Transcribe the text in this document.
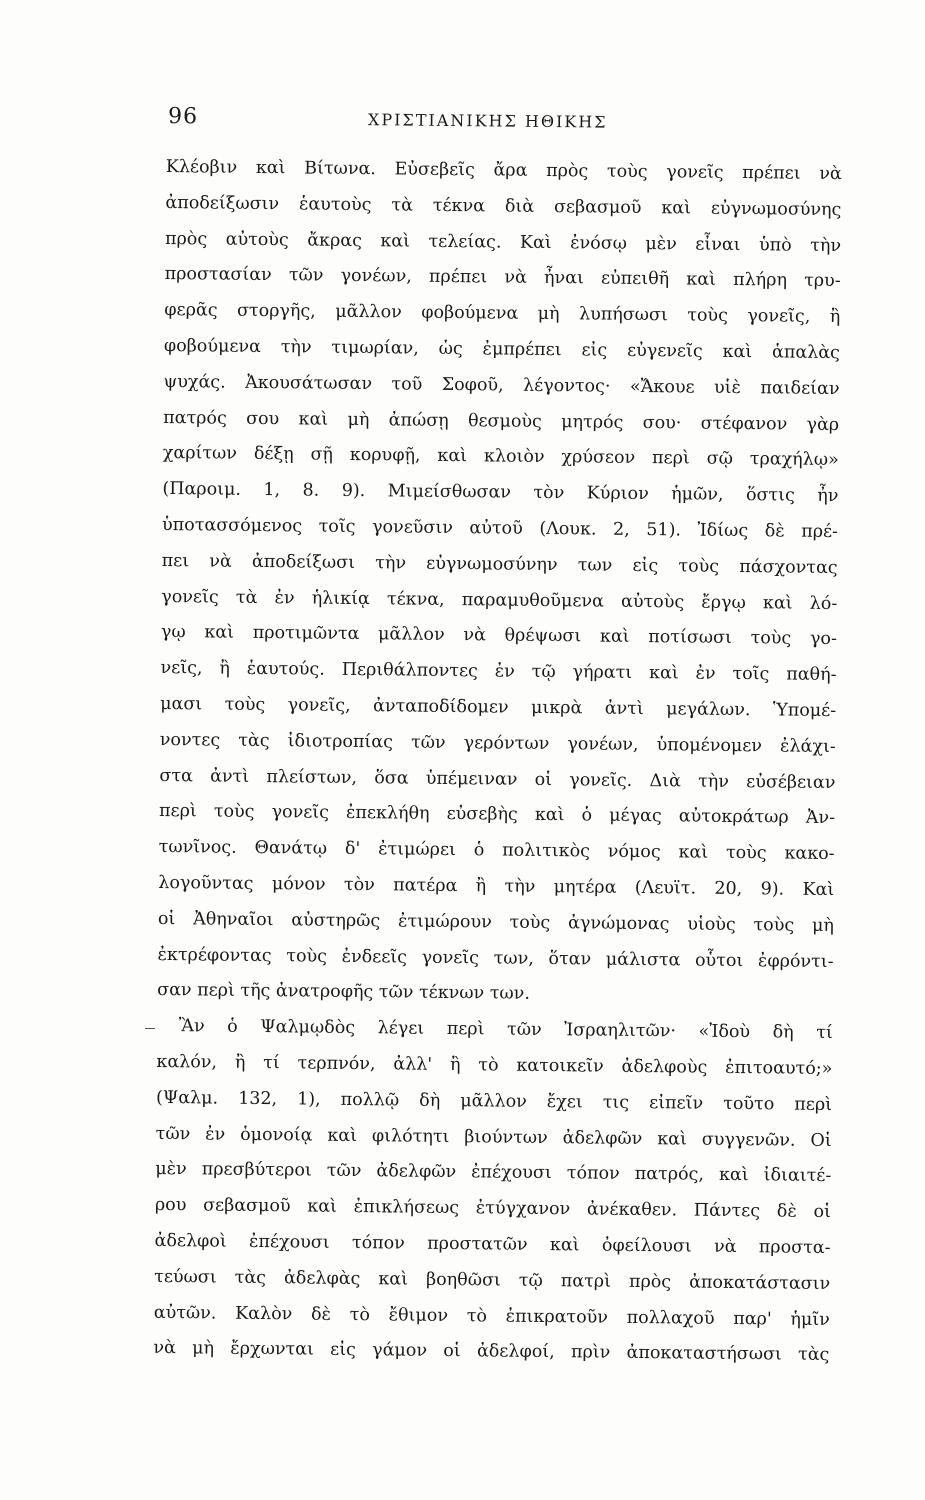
96	ΧΡΙΣΤΙΑΝΙΚΗΣ ΗΘΙΚΗΣ
Κλέοβιν καὶ Βίτωνα. Εὐσεβεῖς ἄρα πρὸς τοὺς γονεῖς πρέπει νὰ
ἀποδείξωσιν ἑαυτοὺς τὰ τέκνα διὰ σεβασμοῦ καὶ εὐγνωμοσύνης
πρὸς αὐτοὺς ἄκρας καὶ τελείας. Καὶ ἐνόσῳ μὲν εἶναι ὑπὸ τὴν
προστασίαν τῶν γονέων, πρέπει νὰ ἦναι εὐπειθῆ καὶ πλήρη τρυ-
φερᾶς στοργῆς, μᾶλλον φοβούμενα μὴ λυπήσωσι τοὺς γονεῖς, ἢ
φοβούμενα τὴν τιμωρίαν, ὡς ἐμπρέπει εἰς εὐγενεῖς καὶ ἁπαλὰς
ψυχάς. Ἀκουσάτωσαν τοῦ Σοφοῦ, λέγοντος· «Ἄκουε υἱὲ παιδείαν
πατρός σου καὶ μὴ ἀπώσῃ θεσμοὺς μητρός σου· στέφανον γὰρ
χαρίτων δέξῃ σῇ κορυφῇ, καὶ κλοιὸν χρύσεον περὶ σῷ τραχήλῳ»
(Παροιμ. 1, 8. 9). Μιμείσθωσαν τὸν Κύριον ἡμῶν, ὅστις ἦν
ὑποτασσόμενος τοῖς γονεῦσιν αὐτοῦ (Λουκ. 2, 51). Ἰδίως δὲ πρέ-
πει νὰ ἀποδείξωσι τὴν εὐγνωμοσύνην των εἰς τοὺς πάσχοντας
γονεῖς τὰ ἐν ἡλικίᾳ τέκνα, παραμυθοῦμενα αὐτοὺς ἔργῳ καὶ λό-
γῳ καὶ προτιμῶντα μᾶλλον νὰ θρέψωσι καὶ ποτίσωσι τοὺς γο-
νεῖς, ἢ ἑαυτούς. Περιθάλποντες ἐν τῷ γήρατι καὶ ἐν τοῖς παθή-
μασι τοὺς γονεῖς, ἀνταποδίδομεν μικρὰ ἀντὶ μεγάλων. Ὑπομέ-
νοντες τὰς ἰδιοτροπίας τῶν γερόντων γονέων, ὑπομένομεν ἐλάχι-
στα ἀντὶ πλείστων, ὅσα ὑπέμειναν οἱ γονεῖς. Διὰ τὴν εὐσέβειαν
περὶ τοὺς γονεῖς ἐπεκλήθη εὐσεβὴς καὶ ὁ μέγας αὐτοκράτωρ Ἀν-
τωνῖνος. Θανάτῳ δ' ἐτιμώρει ὁ πολιτικὸς νόμος καὶ τοὺς κακο-
λογοῦντας μόνον τὸν πατέρα ἢ τὴν μητέρα (Λευϊτ. 20, 9). Καὶ
οἱ Ἀθηναῖοι αὐστηρῶς ἐτιμώρουν τοὺς ἀγνώμονας υἱοὺς τοὺς μὴ
ἐκτρέφοντας τοὺς ἐνδεεῖς γονεῖς των, ὅταν μάλιστα οὗτοι ἐφρόντι-
σαν περὶ τῆς ἀνατροφῆς τῶν τέκνων των.
Ἂν ὁ Ψαλμῳδὸς λέγει περὶ τῶν Ἰσραηλιτῶν· «Ἰδοὺ δὴ τί
καλόν, ἢ τί τερπνόν, ἀλλ' ἢ τὸ κατοικεῖν ἀδελφοὺς ἐπιτοαυτό;»
(Ψαλμ. 132, 1), πολλῷ δὴ μᾶλλον ἔχει τις εἰπεῖν τοῦτο περὶ
τῶν ἐν ὁμονοίᾳ καὶ φιλότητι βιούντων ἀδελφῶν καὶ συγγενῶν. Οἱ
μὲν πρεσβύτεροι τῶν ἀδελφῶν ἐπέχουσι τόπον πατρός, καὶ ἰδιαιτέ-
ρου σεβασμοῦ καὶ ἐπικλήσεως ἐτύγχανον ἀνέκαθεν. Πάντες δὲ οἱ
ἀδελφοὶ ἐπέχουσι τόπον προστατῶν καὶ ὀφείλουσι νὰ προστα-
τεύωσι τὰς ἀδελφὰς καὶ βοηθῶσι τῷ πατρὶ πρὸς ἀποκατάστασιν
αὐτῶν. Καλὸν δὲ τὸ ἔθιμον τὸ ἐπικρατοῦν πολλαχοῦ παρ' ἡμῖν
νὰ μὴ ἔρχωνται εἰς γάμον οἱ ἀδελφοί, πρὶν ἀποκαταστήσωσι τὰς
